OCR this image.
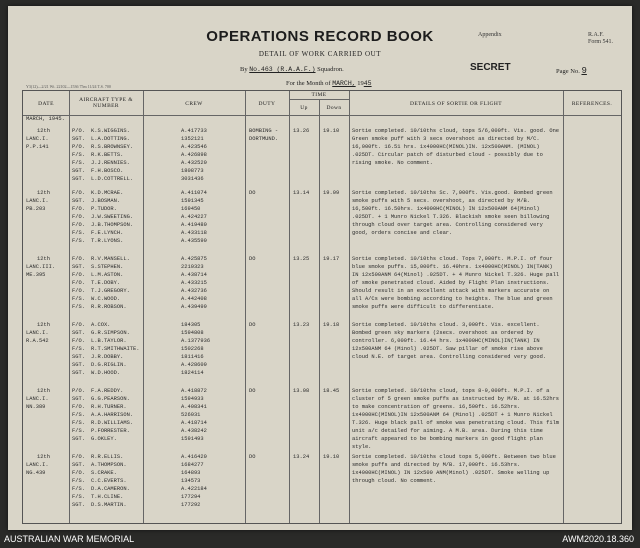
OPERATIONS RECORD BOOK
DETAIL OF WORK CARRIED OUT
Appendix	R.A.F.
Form 541.
By No.463 (R.A.A.F.) Squadron.	SECRET	Page No. 9
For the Month of MARCH, 1945
Y3(12)—2/21 Wt. 22102—1536 75m 11/24 T.S. 700
DATE
AIRCRAFT TYPE & NUMBER	CREW	DUTY
TIME
Up	Down
DETAILS OF SORTIE OR FLIGHT	REFERENCES.
MARCH, 1945.
12th
LANC.I.
P.P.141
P/O. K.S.WIGGINS.	A.417733
SGT. L.A.DOTTING.	1352121
P/O. R.S.BROWNSEY.	A.423546
F/S. R.K.BETTS.	A.426898
F/S. J.J.RENNIES.	A.432520
SGT. F.H.BOSCO.	1808773
SGT. L.D.COTTRELL.	3031436
BOMBING - DORTMUND.
13.26	19.10 Sortie completed. 10/10ths cloud, tops 5/6,000ft. Vis. good. One Green smoke puff with 3 secs overshoot as directed by M/C. 16,000ft. 16.51 hrs. 1x4000HC(MINOL)IN. 12x500ANM. (MINOL) .025DT. Circular patch of disturbed cloud - possibly due to rising smoke. No comment.
12th
LANC.I.
PB.203
F/O. K.D.MCRAE.	A.411074
SGT. J.BOSMAN.	1591345
F/O. P.TUDOR.	169450
F/O. J.W.SWEETING.	A.424227
F/O. J.B.THOMPSON.	A.419480
F/S. F.E.LYNCH.	A.433118
F/S. T.R.LYONS.	A.435590
DO	13.14	19.09 Sortie completed. 10/10ths Sc. 7,000ft. Vis.good. Bombed green smoke puffs with 5 secs. overshoot, as directed by M/B. 16,500ft. 16.50hrs. 1x4000HC(MINOL) IN 12x500ANM 64(Minol) .025DT. + 1 Munro Nickel T.326. Blackish smoke seen billowing through cloud over target area. Controlling considered very good, orders concise and clear.
12th
LANC.III.
ME.395
F/O. R.V.MANSELL.	A.425875
SGT. S.STEPHEN.	2210323
F/O. L.M.ASTON.	A.438714
F/O. T.E.DOBY.	A.433215
F/O. T.J.GREGORY.	A.432736
F/S. W.C.WOOD.	A.442408
F/S. R.R.ROBSON.	A.439499
DO	13.25	19.17 Sortie completed. 10/10ths cloud. Tops 7,000ft. M.P.I. of four blue smoke puffs. 15,000ft. 16.49hrs. 1x4000HC(MINOL) IN(TANK) IN 12x500ANM 64(Minol) .025DT. + 4 Munro Nickel T.326. Huge pall of smoke penetrated cloud. Aided by Flight Plan instructions. Should result in an excellent attack with markers accurate on all A/Cs were bombing according to heights. The blue and green smoke puffs were difficult to differentiate.
12th
LANC.I.
R.A.542
F/O. A.COX.	184305
SGT. G.R.SIMPSON.	1594808
F/O. L.B.TAYLOR.	A.1377936
F/S. R.T.SMITHWAITE.	1502268
SGT. J.R.DOBBY.	1811416
SGT. D.G.RIGLIN.	A.428609
SGT. W.D.HOOD.	1824114
DO	13.23	19.18 Sortie completed. 10/10ths cloud. 3,000ft. Vis. excellent. Bombed green sky markers (2secs. overshoot as ordered by controller. 6,000ft. 16.44 hrs. 1x4000HC(MINOL)IN(TANK) IN 12x500ANM 64 (Minol) .025DT. Saw pillar of smoke rise above cloud N.E. of target area. Controlling considered very good.
12th
LANC.I.
NN.389
P/O. F.A.REDDY.	A.418872
SGT. G.G.PEARSON.	1594933
F/O. R.H.TURNER.	A.408341
F/S. A.A.HARRISON.	526031
F/S. R.D.WILLIAMS.	A.418714
F/S. P.FORRESTER.	A.438242
SGT. G.OKLEY.	1591493
DO	13.08	18.45 Sortie completed. 10/10ths cloud, tops 8-9,000ft. M.P.I. of a cluster of 5 green smoke puffs as instructed by M/B. at 16.52hrs to make concentration of greens. 16,500ft. 16.52hrs. 1x4000HC(MINOL)IN 12x500ANM 64 (Minol) .025DT + 1 Munro Nickel T.326. Huge black pall of smoke was penetrating cloud. This film unit a/c detailed for aiming. A M.B. area. During this time aircraft appeared to be bombing markers in good flight plan style.
12th
LANC.I.
NG.439
F/O. R.R.ELLIS.	A.416420
SGT. A.THOMPSON.	1684277
F/O. S.CRAKE.	164893
F/S. C.C.EVERTS.	134573
F/S. D.A.CAMERON.	A.422184
F/S. T.H.CLINE.	177294
SGT. D.S.MARTIN.	177292
DO	13.24	19.10 Sortie completed. 10/10ths cloud tops 5,000ft. Between two blue smoke puffs and directed by M/B. 17,000ft. 16.53hrs. 1x4000HC(MINOL) IN 12x500 ANM(Minol) .025DT. Smoke welling up through cloud. No comment.
AUSTRALIAN WAR MEMORIAL	AWM2020.18.360
